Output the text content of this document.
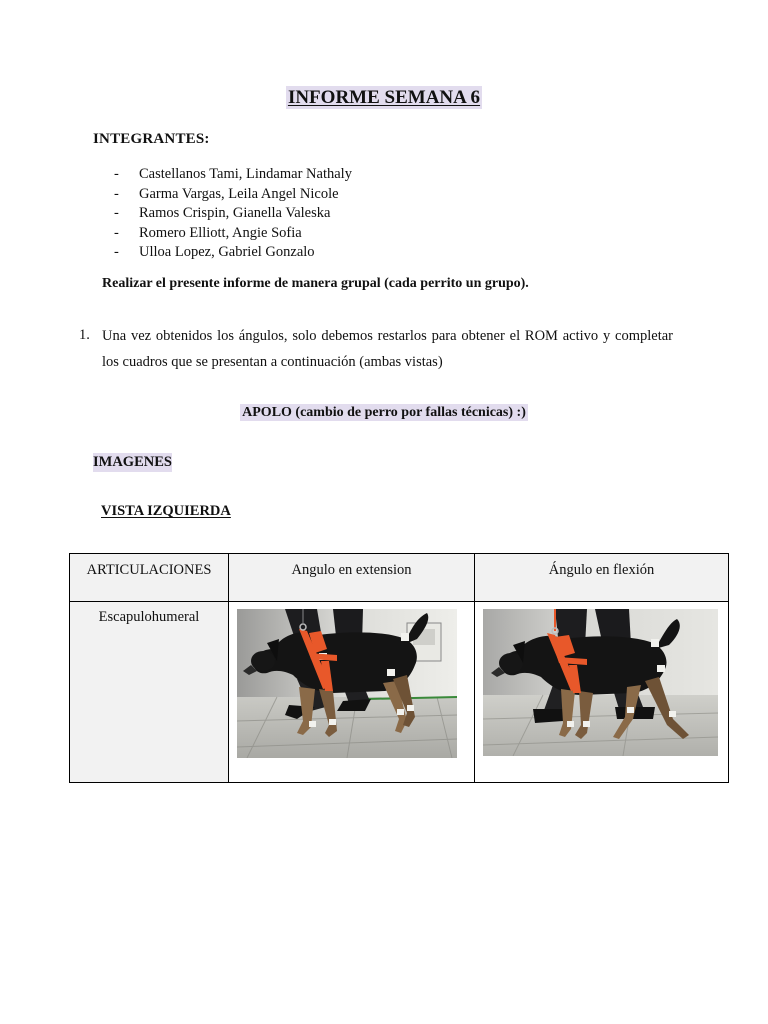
INFORME SEMANA 6
INTEGRANTES:
- Castellanos Tami, Lindamar Nathaly
- Garma Vargas, Leila Angel Nicole
- Ramos Crispin, Gianella Valeska
- Romero Elliott, Angie Sofia
- Ulloa Lopez, Gabriel Gonzalo
Realizar el presente informe de manera grupal (cada perrito un grupo).
1. Una vez obtenidos los ángulos, solo debemos restarlos para obtener el ROM activo y completar los cuadros que se presentan a continuación (ambas vistas)
APOLO (cambio de perro por fallas técnicas) :)
IMAGENES
VISTA IZQUIERDA
ARTICULACIONES	Angulo en extension	Ángulo en flexión
Escapulohumeral	
